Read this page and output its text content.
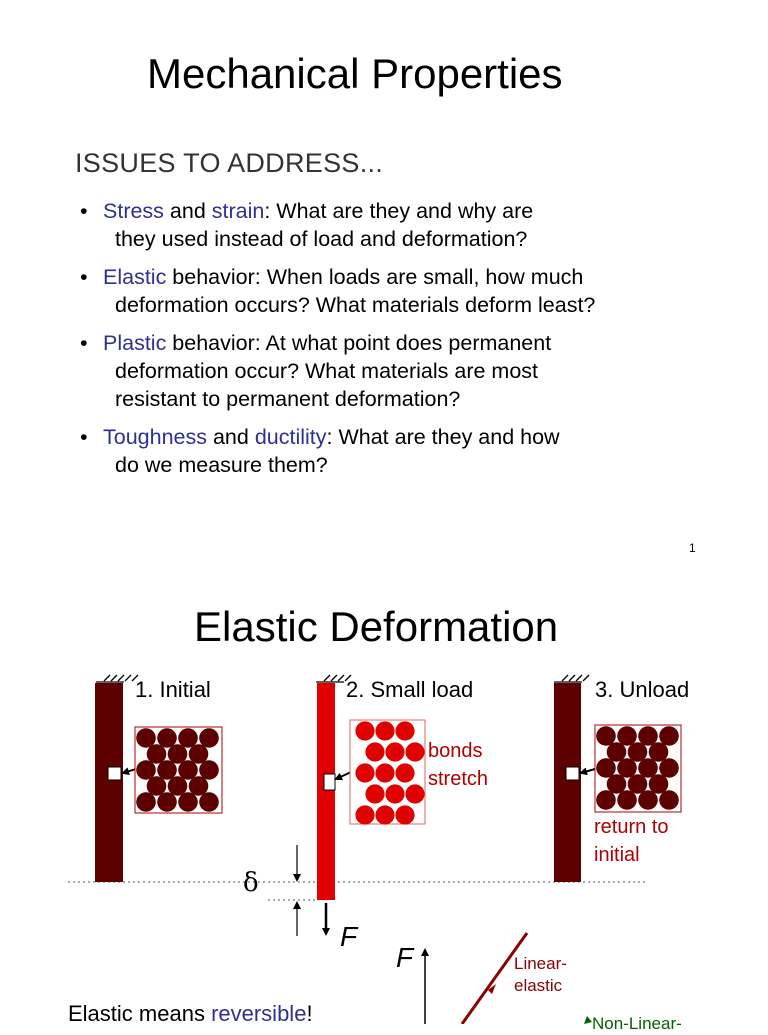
Mechanical Properties
ISSUES TO ADDRESS...
• Stress and strain: What are they and why are
they used instead of load and deformation?
• Elastic behavior: When loads are small, how much
deformation occurs? What materials deform least?
• Plastic behavior: At what point does permanent
deformation occur? What materials are most
resistant to permanent deformation?
• Toughness and ductility: What are they and how
do we measure them?
1
Elastic Deformation
1. Initial	2. Small load	3. Unload
bonds
stretch
return to
initial
δ
F
F	Linear-
elastic
Non-Linear-
Elastic means reversible!
